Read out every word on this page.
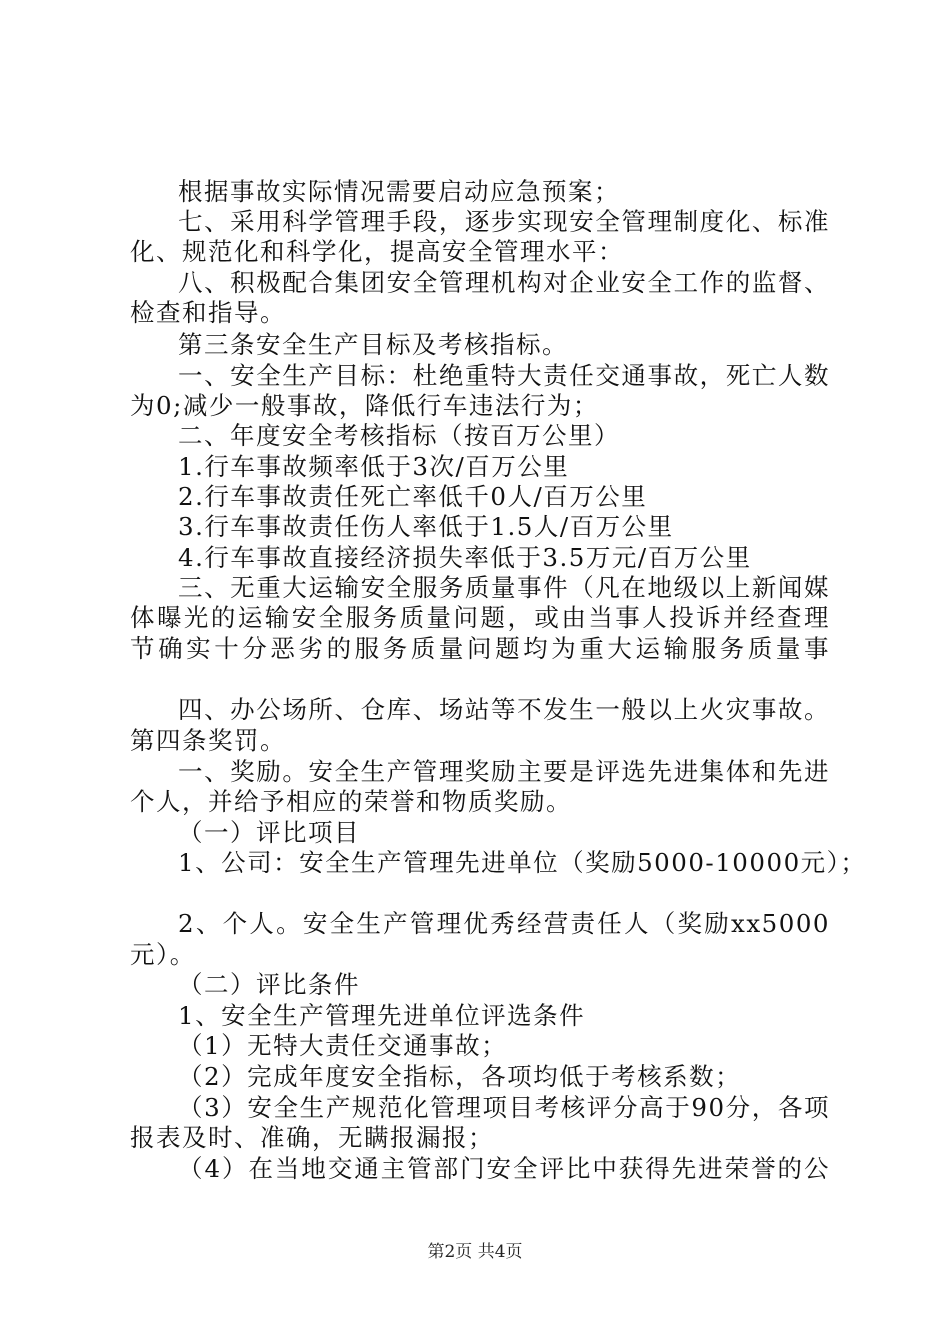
根据事故实际情况需要启动应急预案；
七、采用科学管理手段，逐步实现安全管理制度化、标准
化、规范化和科学化，提高安全管理水平：
八、积极配合集团安全管理机构对企业安全工作的监督、
检查和指导。
第三条安全生产目标及考核指标。
一、安全生产目标：杜绝重特大责任交通事故，死亡人数
为0;减少一般事故，降低行车违法行为；
二、年度安全考核指标（按百万公里）
1.行车事故频率低于3次/百万公里
2.行车事故责任死亡率低千0人/百万公里
3.行车事故责任伤人率低于1.5人/百万公里
4.行车事故直接经济损失率低于3.5万元/百万公里
三、无重大运输安全服务质量事件（凡在地级以上新闻媒
体曝光的运输安全服务质量问题，或由当事人投诉并经查理
节确实十分恶劣的服务质量问题均为重大运输服务质量事
四、办公场所、仓库、场站等不发生一般以上火灾事故。
第四条奖罚。
一、奖励。安全生产管理奖励主要是评选先进集体和先进
个人，并给予相应的荣誉和物质奖励。
（一）评比项目
1、公司：安全生产管理先进单位（奖励5000-10000元）；
2、个人。安全生产管理优秀经营责任人（奖励xx5000
元）。
（二）评比条件
1、安全生产管理先进单位评选条件
（1）无特大责任交通事故；
（2）完成年度安全指标，各项均低于考核系数；
（3）安全生产规范化管理项目考核评分高于90分，各项
报表及时、准确，无瞒报漏报；
（4）在当地交通主管部门安全评比中获得先进荣誉的公
第2页 共4页
